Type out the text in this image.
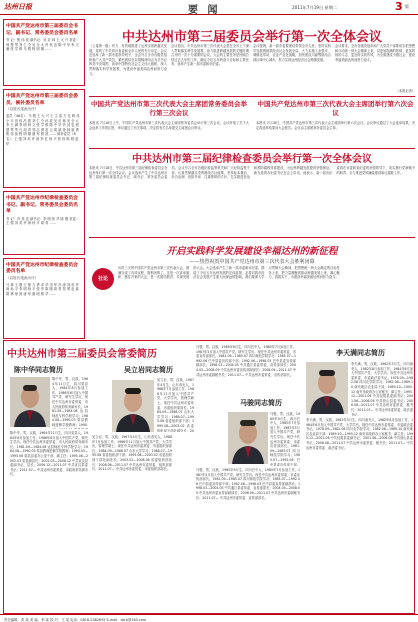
达州日报	要 闻	2011年7月19日 星期二	3 版
中国共产党达州市第三届委员会书记、副书记、常务委员会委员名单
书 记：焦 伟 侠 副书记：吴 应 林 王 大 兴 常委：邢 慧 琴 刘 仁 仝 吴 全 太 肖 其 忠 陈 中 华 李 天 满 张 学 维 马 骏 程 明 顺 ……
中国共产党达州市第三届委员会委员、候补委员名单
（以姓氏笔画为序）
委员（46名）：马 骏 王 大 兴 王 文 清 方 光 明 邓 小 平 田 伟 冯 建 刘 仁 仝 孙 波 吴 应 林 吴 全 太 李 天 满 李 明 杨 文 张 学 维 陈 中 华 肖 其 忠 邢 慧 琴 罗 凡 周 青 郑 志 勇 赵 云 胡 斌 徐 林 唐 勇 焦 伟 侠 程 明 顺 谢 军 熊 波 …… 候补委员（8名）：王 强 刘 英 许 涛 李 红 杨 平 张 伟 陈 明 赵 华
中国共产党达州市纪律检查委员会书记、副书记、常务委员会委员名单
书 记：肖 其 忠 副书记：李 明 张 华 陈 刚 常委：王 强 刘 英 许 涛 杨 平 周 青 ……
中国共产党达州市纪律检查委员会委员名单
（以姓氏笔画为序）
马 林 王 刚 王 强 方 勇 邓 华 田 军 冯 涛 刘 英 许 涛 孙 平 李 明 杨 平 张 华 陈 刚 周 青 郑 勇 赵 斌 胡 林 徐 波 唐 军 谢 明 熊 华 ……
中共达州市第三届委员会举行第一次全体会议
（上接第一版）有力、有效地推进了达州实现跨越式发展，得到了中共四川省委和全市人民的充分肯定。会议还选举了新一届市委领导班子，全会号召全市各级党组织和广大共产党员，紧密团结在以胡锦涛同志为总书记的党中央周围，高举中国特色社会主义伟大旗帜，深入贯彻落实科学发展观，为建设幸福美丽达州而努力奋斗。
会议指出，中共达州市第三次代表大会是在全市上下深入贯彻落实科学发展观、奋力推进跨越发展的关键时期召开的一次十分重要的会议。大会的主要任务是回顾总结过去五年的工作，确定今后五年的奋斗目标和主要任务，选举产生新一届市委和市纪委。
会议强调，新一届市委要团结带领全市人民，坚持以科学发展观统领经济社会发展全局，大力实施工业强市、城镇化带动、农业产业化战略，加快建设川渝鄂陕结合部区域中心城市，努力实现达州经济社会跨越发展。
会议要求，全市各级党组织和广大党员干部要切实把思想和行动统一到大会精神上来，以更加饱满的热情、更加昂扬的斗志、更加务实的作风，为全面建成小康社会、建设幸福美丽达州而努力奋斗。
（本报记者）
中国共产党达州市第三次代表大会主席团常务委员会举行第三次会议
本报讯 7月18日上午，中国共产党达州市第三次代表大会主席团常务委员会举行第三次会议。会议听取了关于大会选举工作的汇报，审议通过了有关事项，决定将有关名单提交主席团会议审议。
中国共产党达州市第三次代表大会主席团举行第六次会议
本报讯 7月18日，中国共产党达州市第三次代表大会主席团举行第六次会议。会议审议通过了大会选举结果，决定将选举结果向大会报告。会议由主席团常务委员会主持。
中共达州市第三届纪律检查委员会举行第一次全体会议
本报讯 7月18日，中共达州市第三届纪律检查委员会在达州举行第一次全体会议。会议选举产生了中共达州市第三届纪律检查委员会书记、副书记、常务委员会委员。会议号召全市各级纪检监察机关和广大纪检监察干部，认真贯彻落实党的路线方针政策，坚持标本兼治、综合治理、惩防并举、注重预防的方针，扎实推进惩治和预防腐败体系建设，为达州跨越发展提供坚强保证。新当选的市纪委书记在会上讲话，他表示，新一届市纪委将在市委和省纪委的坚强领导下，切实履行党章赋予的职责，全力推进党风廉政建设和反腐败工作。
开启实践科学发展建设幸福达州的新征程
——热烈祝贺中国共产党达州市第三次代表大会胜利闭幕
社论
历时三天的中国共产党达州市第三次代表大会，圆满完成了各项议程，胜利闭幕了。这是一次高举旗帜、继往开来的大会，是一次团结鼓劲、共谋发展的大会。大会选举产生了新一届市委和市纪委，描绘了今后五年达州发展的宏伟蓝图，必将对我市经济社会发展产生重大而深远的影响。我们要深入学习贯彻大会精神，把思想统一到大会确定的目标任务上来，把力量凝聚到推动跨越发展上来，凝心聚力，真抓实干，为建设幸福美丽达州而努力奋斗。
中共达州市第三届委员会常委简历
陈中华同志简历
陈中华，男，汉族，1964年11月生，四川渠县人，1984年8月参加工作，1986年6月加入中国共产党，研究生学历。现任中共达州市委常委、市人民政府常务副市长。1981.09—1984.08 达县师范专科学校学习；1984.08—1990.03 渠县教师进修学校教师；1990.
陈中华，男，汉族，1964年11月生，四川渠县人，1984年8月参加工作，1986年6月加入中国共产党，研究生学历。现任中共达州市委常委、市人民政府常务副市长。1981.09—1984.08 达县师范专科学校学习；1984.08—1990.03 渠县教师进修学校教师；1990.03—1995.06 渠县县委办公室干部、副主任；1995.06—2002.03 渠县副县长；2002.03—2006.12 中共宣汉县委副书记、县长；2006.12—2011.07 中共宣汉县委书记；2011.07— 中共达州市委常委、市政府常务副市长。
吴立岩同志简历
吴立岩，男，汉族，1967年4月生，山东寿光人，1988年7月参加工作，1986年11月加入中国共产党，大学学历，管理学硕士。现任中共达州市委常委、市委组织部部长。1984.09—1988.07 山东大学学习；1988.07—1995.08 省委组织部干部；1995.08—2003.02 省委组织部干部处副处长；2003.02—2008.06 省委组织部处长；2008.06—2011.07 中共达州市委常委、组织部部长；2011.07— 中共达州市委常委、市委组织部部长。
吴立岩，男，汉族，1967年4月生，山东寿光人，1988年7月参加工作，1986年11月加入中国共产党，大学学历，管理学硕士。现任中共达州市委常委、市委组织部部长。1984.09—1988.07 山东大学学习；1988.07—1995.08 省委组织部干部；1995.08—2003.02 省委组织部干部处副处长；20
马骏，男，汉族，1965年9月生，四川巴中人，1985年7月参加工作，1987年5月加入中国共产党，研究生学历。现任中共达州市委常委、市委宣传部部长。1981.09—1985.07 四川师范学院学习；1985.07—1992.06 巴中县委宣传部干部；1992.06—1998.03 巴中县委宣传部副部长；1998.03—2004.05 中共通江县委常委、宣传部部长；2004.05—2008.09 中共达州市委宣传部副部长；2008.09—2011.07 中共达州市委副秘书长；2011.07— 中共达州市委常委、宣传部部长。
马骏同志简历
马骏，男，汉族，1965年9月生，四川巴中人，1985年7月参加工作，1987年5月加入中国共产党，研究生学历。现任中共达州市委常委、市委宣传部部长。1981.09—1985.07 四川师范学院学习；1985.07—1992.06 巴中县委宣传部干部；
马骏，男，汉族，1965年9月生，四川巴中人，1985年7月参加工作，1987年5月加入中国共产党，研究生学历。现任中共达州市委常委、市委宣传部部长。1981.09—1985.07 四川师范学院学习；1985.07—1992.06 巴中县委宣传部干部；1992.06—1998.03 巴中县委宣传部副部长；1998.03—2004.05 中共通江县委常委、宣传部部长；2004.05—2008.09 中共达州市委宣传部副部长；2008.09—2011.07 中共达州市委副秘书长；2011.07— 中共达州市委常委、宣传部部长。
李天满同志简历
李天满，男，汉族，1962年3月生，四川南充人，1982年8月参加工作，1984年6月加入中国共产党，大学学历。现任中共达州市委常委、市委政法委书记。1978.09—1982.08 四川农学院学习；1982.08—1989.10 南充地区农业局干部；1989.10—1995.12 南充市政府办公室秘书、副主任；1995.12—2001.06 中共仪陇县委副书记；2001.06—2006.08 中共营山县委书记；2006.08—2011.07 中共达州市委常委、秘书长；2011.07— 中共达州市委常委、政法委书记。
李天满，男，汉族，1962年3月生，四川南充人，1982年8月参加工作，1984年6月加入中国共产党，大学学历。现任中共达州市委常委、市委政法委书记。1978.09—1982.08 四川农学院学习；1982.08—1989.10 南充地区农业局干部；1989.10—1995.12 南充市政府办公室秘书、副主任；1995.12—2001.06 中共仪陇县委副书记；2001.06—2006.08 中共营山县委书记；2006.08—2011.07 中共达州市委常委、秘书长；2011.07— 中共达州市委常委、政法委书记。
责任编辑：张 某 美 编：李 某 校 对：王 某 电话：0818-2382655 E-mail：dzrb@163.com
